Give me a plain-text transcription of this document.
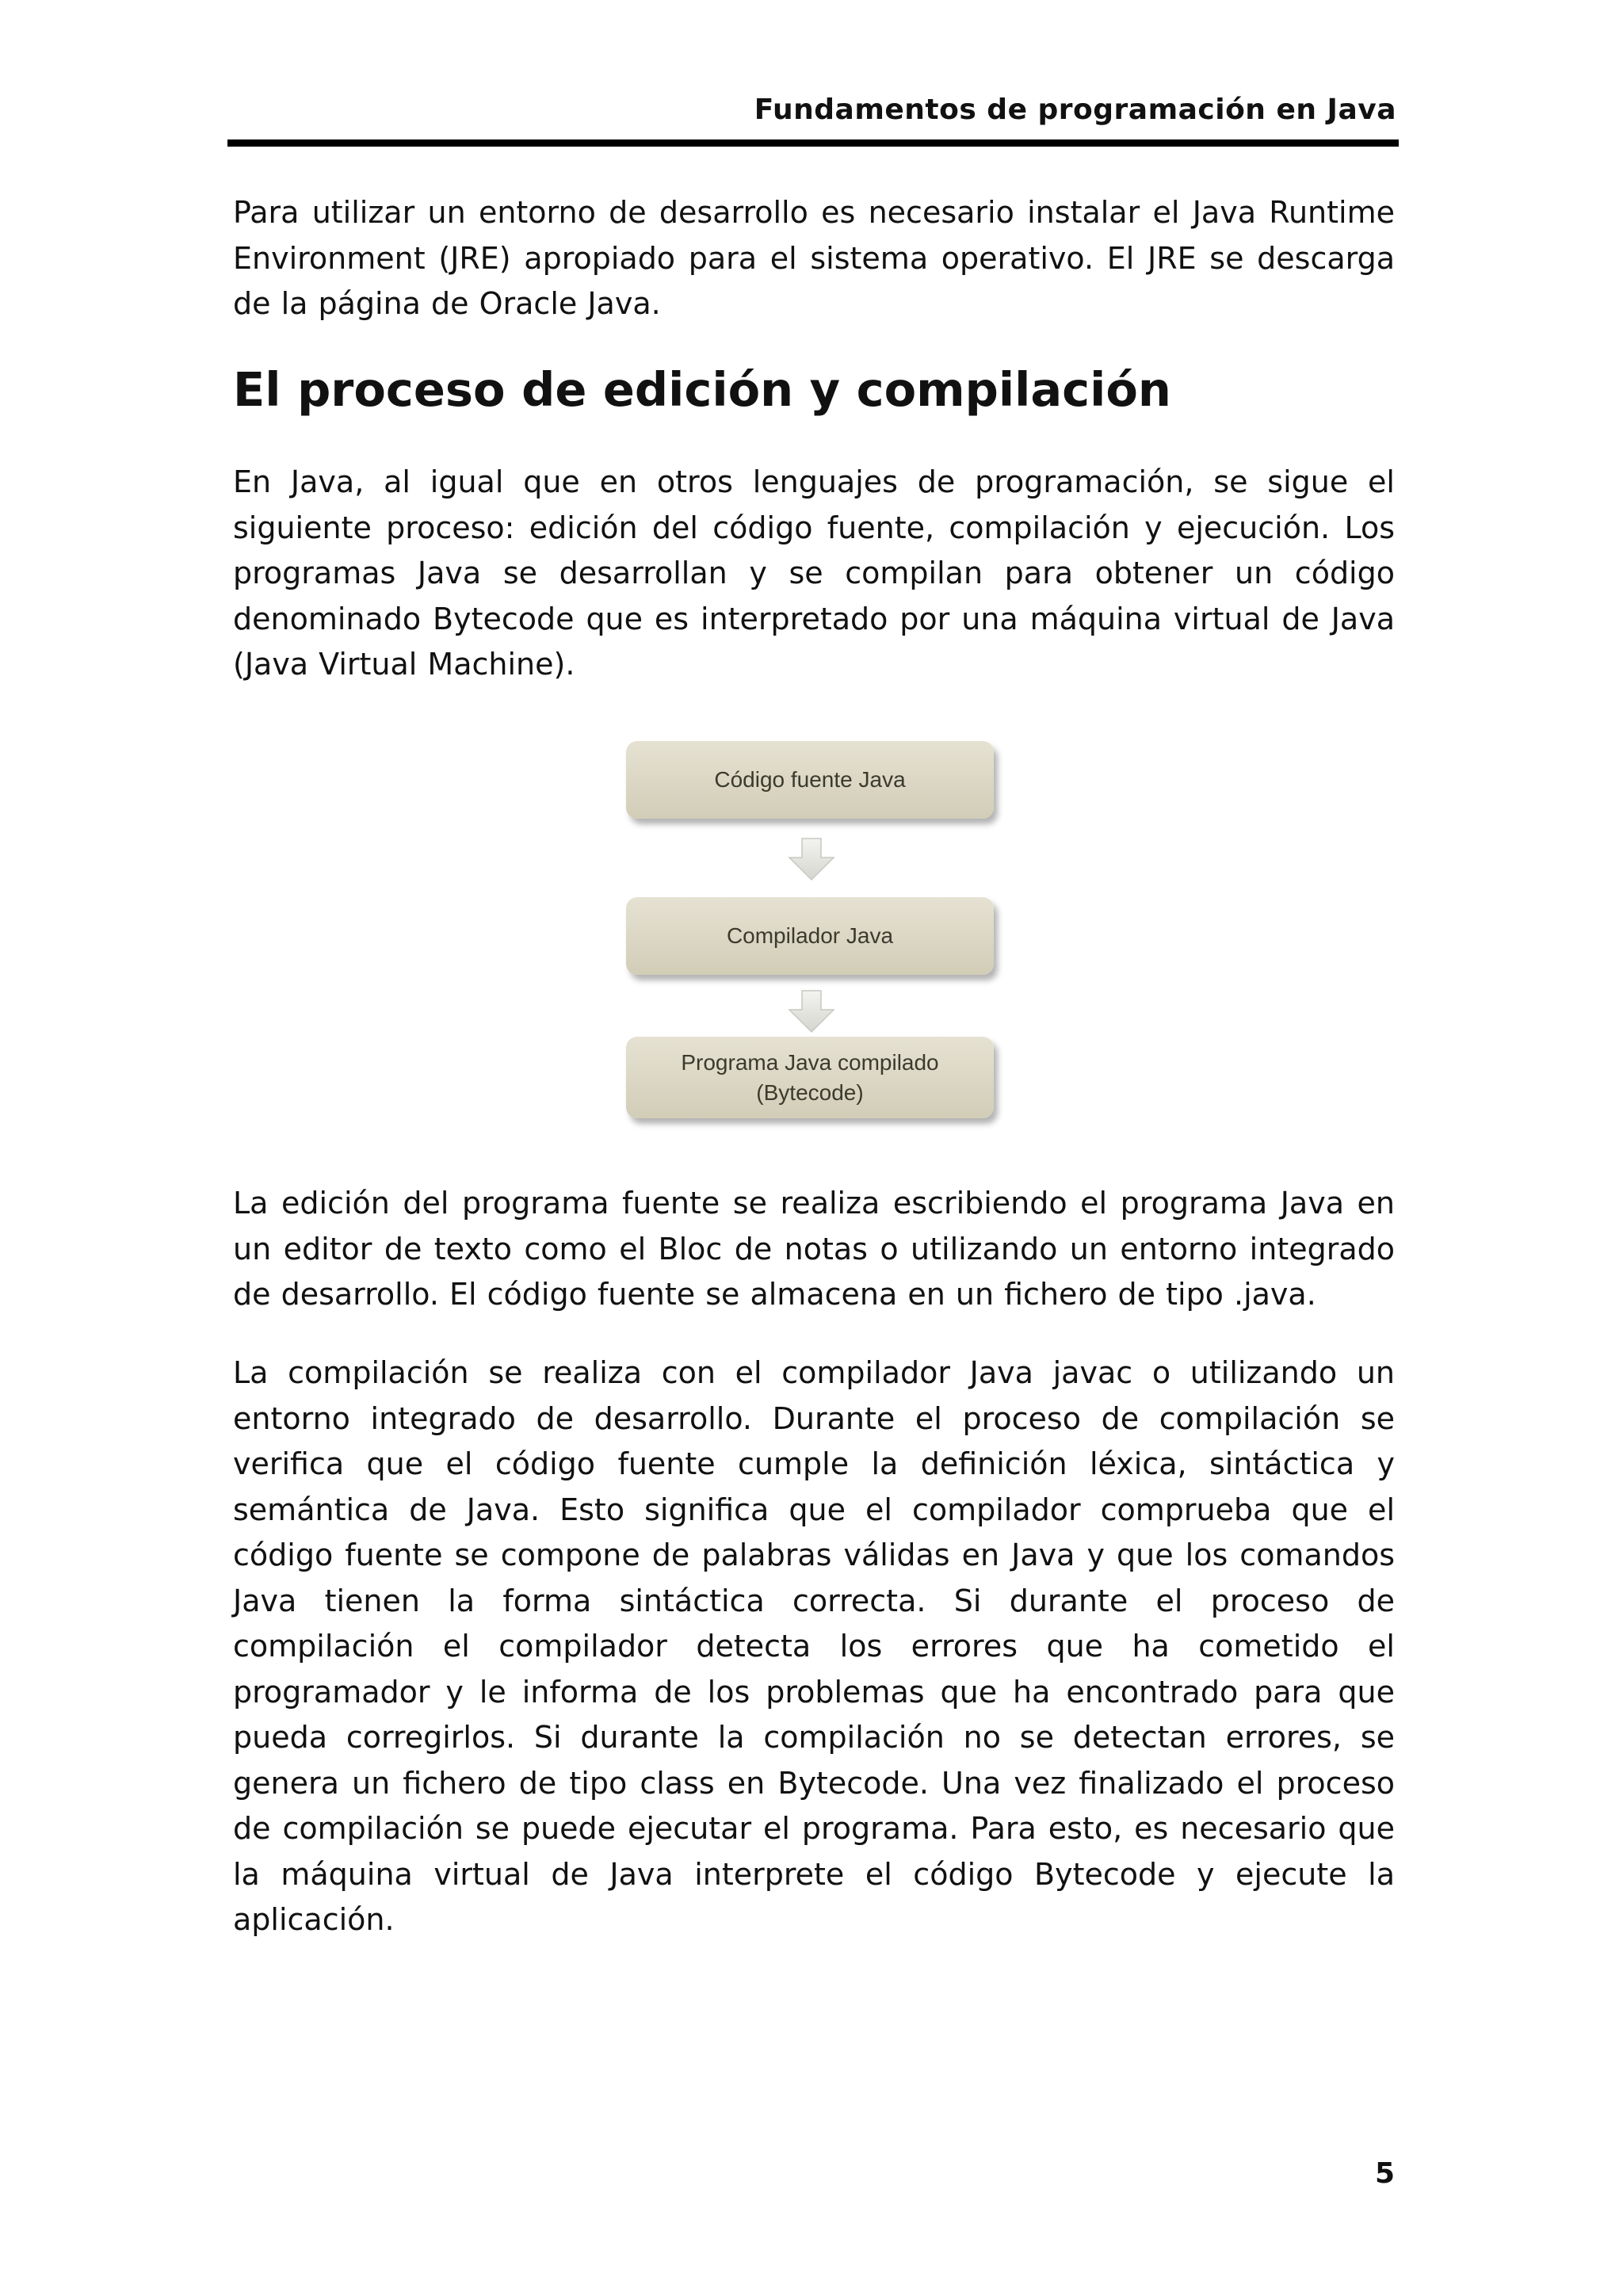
Fundamentos de programación en Java

Para utilizar un entorno de desarrollo es necesario instalar el Java Runtime Environment (JRE) apropiado para el sistema operativo. El JRE se descarga de la página de Oracle Java.

El proceso de edición y compilación

En Java, al igual que en otros lenguajes de programación, se sigue el siguiente proceso: edición del código fuente, compilación y ejecución. Los programas Java se desarrollan y se compilan para obtener un código denominado Bytecode que es interpretado por una máquina virtual de Java (Java Virtual Machine).

Código fuente Java
Compilador Java
Programa Java compilado
(Bytecode)

La edición del programa fuente se realiza escribiendo el programa Java en un editor de texto como el Bloc de notas o utilizando un entorno integrado de desarrollo. El código fuente se almacena en un fichero de tipo .java.

La compilación se realiza con el compilador Java javac o utilizando un entorno integrado de desarrollo. Durante el proceso de compilación se verifica que el código fuente cumple la definición léxica, sintáctica y semántica de Java. Esto significa que el compilador comprueba que el código fuente se compone de palabras válidas en Java y que los comandos Java tienen la forma sintáctica correcta. Si durante el proceso de compilación el compilador detecta los errores que ha cometido el programador y le informa de los problemas que ha encontrado para que pueda corregirlos. Si durante la compilación no se detectan errores, se genera un fichero de tipo class en Bytecode. Una vez finalizado el proceso de compilación se puede ejecutar el programa. Para esto, es necesario que la máquina virtual de Java interprete el código Bytecode y ejecute la aplicación.

5
